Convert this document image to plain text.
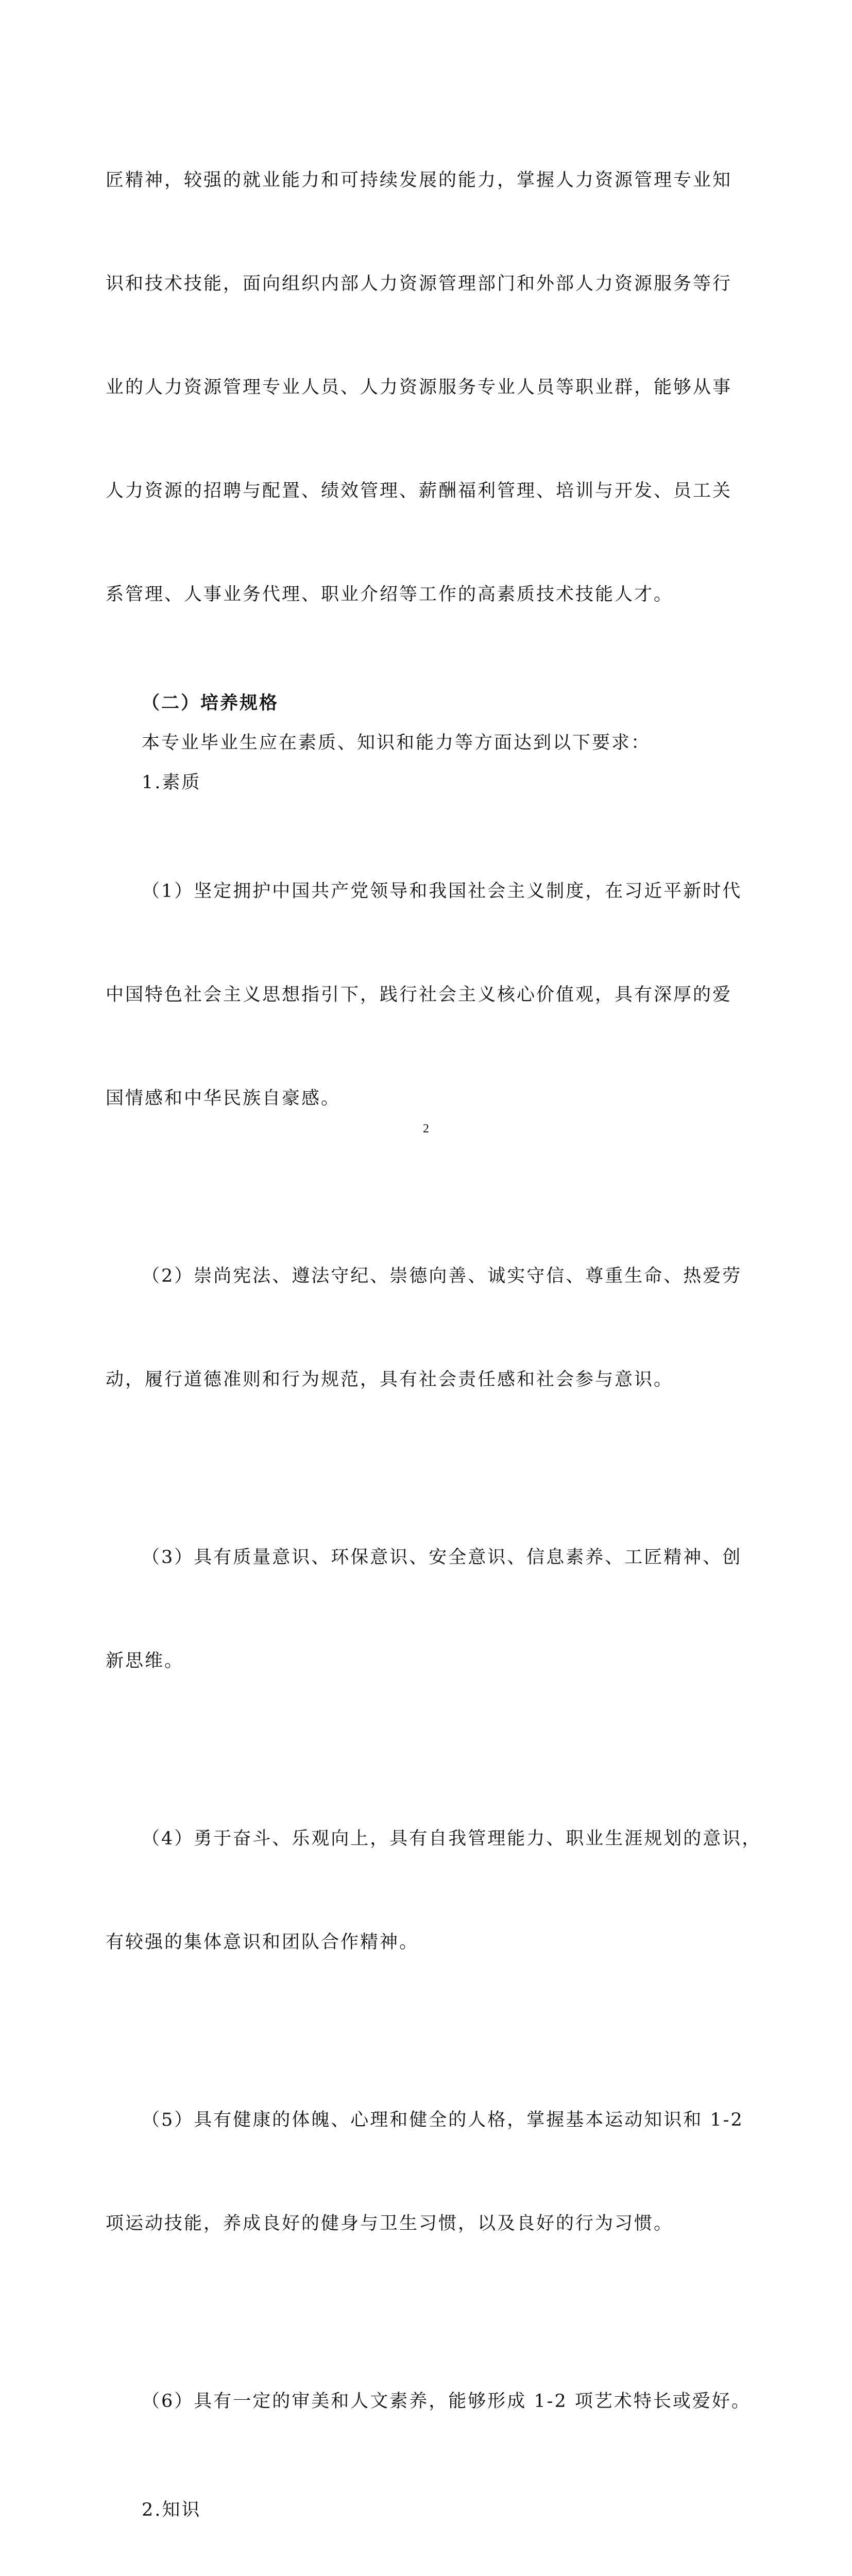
匠精神，较强的就业能力和可持续发展的能力，掌握人力资源管理专业知

识和技术技能，面向组织内部人力资源管理部门和外部人力资源服务等行

业的人力资源管理专业人员、人力资源服务专业人员等职业群，能够从事

人力资源的招聘与配置、绩效管理、薪酬福利管理、培训与开发、员工关

系管理、人事业务代理、职业介绍等工作的高素质技术技能人才。

（二）培养规格

本专业毕业生应在素质、知识和能力等方面达到以下要求：

1.素质

（1）坚定拥护中国共产党领导和我国社会主义制度，在习近平新时代

中国特色社会主义思想指引下，践行社会主义核心价值观，具有深厚的爱

国情感和中华民族自豪感。

（2）崇尚宪法、遵法守纪、崇德向善、诚实守信、尊重生命、热爱劳

动，履行道德准则和行为规范，具有社会责任感和社会参与意识。

（3）具有质量意识、环保意识、安全意识、信息素养、工匠精神、创

新思维。

（4）勇于奋斗、乐观向上，具有自我管理能力、职业生涯规划的意识，

有较强的集体意识和团队合作精神。

（5）具有健康的体魄、心理和健全的人格，掌握基本运动知识和 1-2

项运动技能，养成良好的健身与卫生习惯，以及良好的行为习惯。

（6）具有一定的审美和人文素养，能够形成 1-2 项艺术特长或爱好。

2.知识

2
